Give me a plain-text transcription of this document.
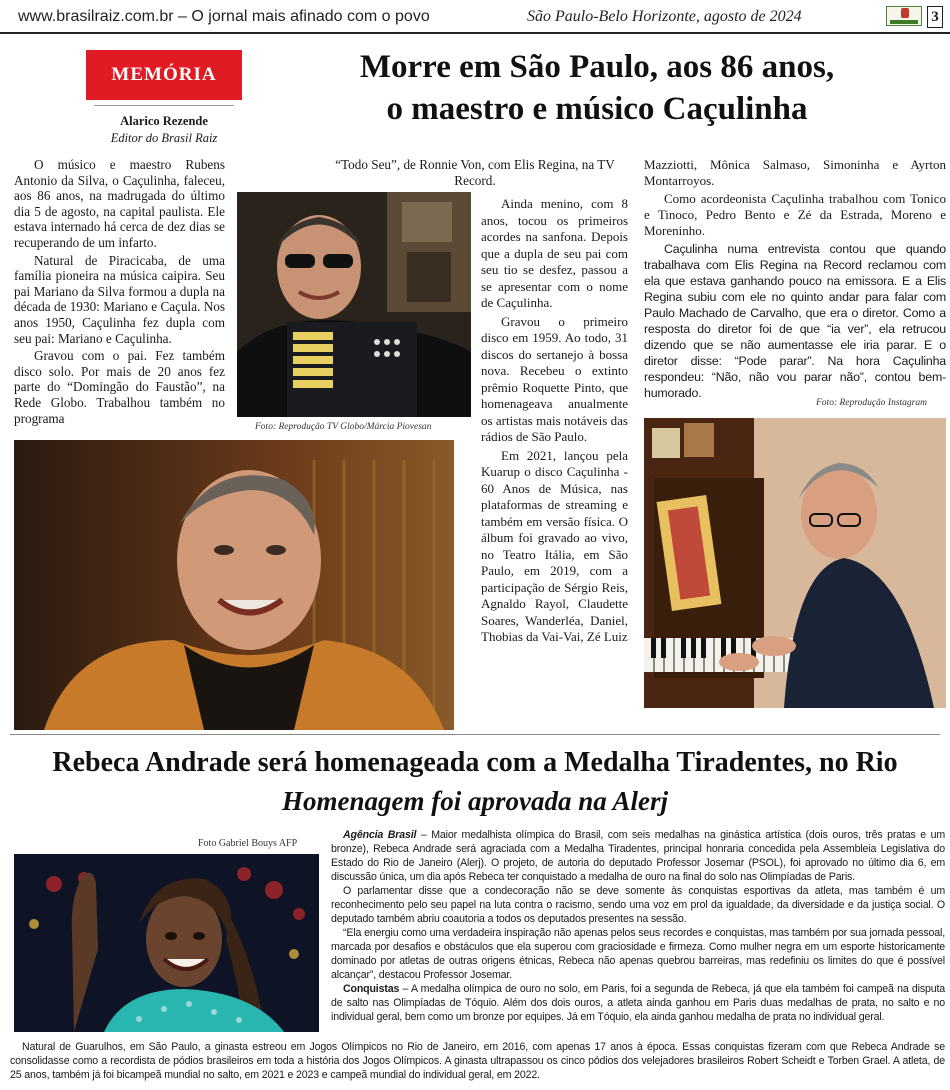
www.brasilraiz.com.br – O jornal mais afinado com o povo	São Paulo-Belo Horizonte, agosto de 2024	3
MEMÓRIA
Alarico Rezende
Editor do Brasil Raiz
Morre em São Paulo, aos 86 anos,
o maestro e músico Caçulinha

O músico e maestro Rubens Antonio da Silva, o Caçulinha, faleceu, aos 86 anos, na madrugada do último dia 5 de agosto, na capital paulista. Ele estava internado há cerca de dez dias se recuperando de um infarto.

Natural de Piracicaba, de uma família pioneira na música caipira. Seu pai Mariano da Silva formou a dupla na década de 1930: Mariano e Caçula. Nos anos 1950, Caçulinha fez dupla com seu pai: Mariano e Caçulinha.

Gravou com o pai. Fez também disco solo. Por mais de 20 anos fez parte do “Domingão do Faustão”, na Rede Globo. Trabalhou também no programa

“Todo Seu”, de Ronnie Von, com Elis Regina, na TV Record.

Ainda menino, com 8 anos, tocou os primeiros acordes na sanfona. Depois que a dupla de seu pai com seu tio se desfez, passou a se apresentar com o nome de Caçulinha.

Gravou o primeiro disco em 1959. Ao todo, 31 discos do sertanejo à bossa nova. Recebeu o extinto prêmio Roquette Pinto, que homenageava anualmente os artistas mais notáveis das rádios de São Paulo.

Em 2021, lançou pela Kuarup o disco Caçulinha - 60 Anos de Música, nas plataformas de streaming e também em versão física. O álbum foi gravado ao vivo, no Teatro Itália, em São Paulo, em 2019, com a participação de Sérgio Reis, Agnaldo Rayol, Claudette Soares, Wanderléa, Daniel, Thobias da Vai-Vai, Zé Luiz

Mazziotti, Mônica Salmaso, Simoninha e Ayrton Montarroyos.

Como acordeonista Caçulinha trabalhou com Tonico e Tinoco, Pedro Bento e Zé da Estrada, Moreno e Moreninho.

Caçulinha numa entrevista contou que quando trabalhava com Elis Regina na Record reclamou com ela que estava ganhando pouco na emissora. E a Elis Regina subiu com ele no quinto andar para falar com Paulo Machado de Carvalho, que era o diretor. Como a resposta do diretor foi de que “ia ver”, ela retrucou dizendo que se não aumentasse ele iria parar. E o diretor disse: “Pode parar”. Na hora Caçulinha respondeu: “Não, não vou parar não”, contou bem-humorado.

Foto: Reprodução TV Globo/Márcia Piovesan
Foto: Reprodução Instagram
Rebeca Andrade será homenageada com a Medalha Tiradentes, no Rio
Homenagem foi aprovada na Alerj
Foto Gabriel Bouys AFP

Agência Brasil – Maior medalhista olímpica do Brasil, com seis medalhas na ginástica artística (dois ouros, três pratas e um bronze), Rebeca Andrade será agraciada com a Medalha Tiradentes, principal honraria concedida pela Assembleia Legislativa do Estado do Rio de Janeiro (Alerj). O projeto, de autoria do deputado Professor Josemar (PSOL), foi aprovado no último dia 6, em discussão única, um dia após Rebeca ter conquistado a medalha de ouro na final do solo nas Olimpíadas de Paris.

O parlamentar disse que a condecoração não se deve somente às conquistas esportivas da atleta, mas também é um reconhecimento pelo seu papel na luta contra o racismo, sendo uma voz em prol da igualdade, da diversidade e da justiça social. O deputado também abriu coautoria a todos os deputados presentes na sessão.

“Ela energiu como uma verdadeira inspiração não apenas pelos seus recordes e conquistas, mas também por sua jornada pessoal, marcada por desafios e obstáculos que ela superou com graciosidade e firmeza. Como mulher negra em um esporte historicamente dominado por atletas de outras origens étnicas, Rebeca não apenas quebrou barreiras, mas redefiniu os limites do que é possível alcançar”, destacou Professor Josemar.

Conquistas – A medalha olímpica de ouro no solo, em Paris, foi a segunda de Rebeca, já que ela também foi campeã na disputa de salto nas Olimpíadas de Tóquio. Além dos dois ouros, a atleta ainda ganhou em Paris duas medalhas de prata, no salto e no individual geral, bem como um bronze por equipes. Já em Tóquio, ela ainda ganhou medalha de prata no individual geral.

Natural de Guarulhos, em São Paulo, a ginasta estreou em Jogos Olímpicos no Rio de Janeiro, em 2016, com apenas 17 anos à época. Essas conquistas fizeram com que Rebeca Andrade se consolidasse como a recordista de pódios brasileiros em toda a história dos Jogos Olímpicos. A ginasta ultrapassou os cinco pódios dos velejadores brasileiros Robert Scheidt e Torben Grael. A atleta, de 25 anos, também já foi bicampeã mundial no salto, em 2021 e 2023 e campeã mundial do individual geral, em 2022.
